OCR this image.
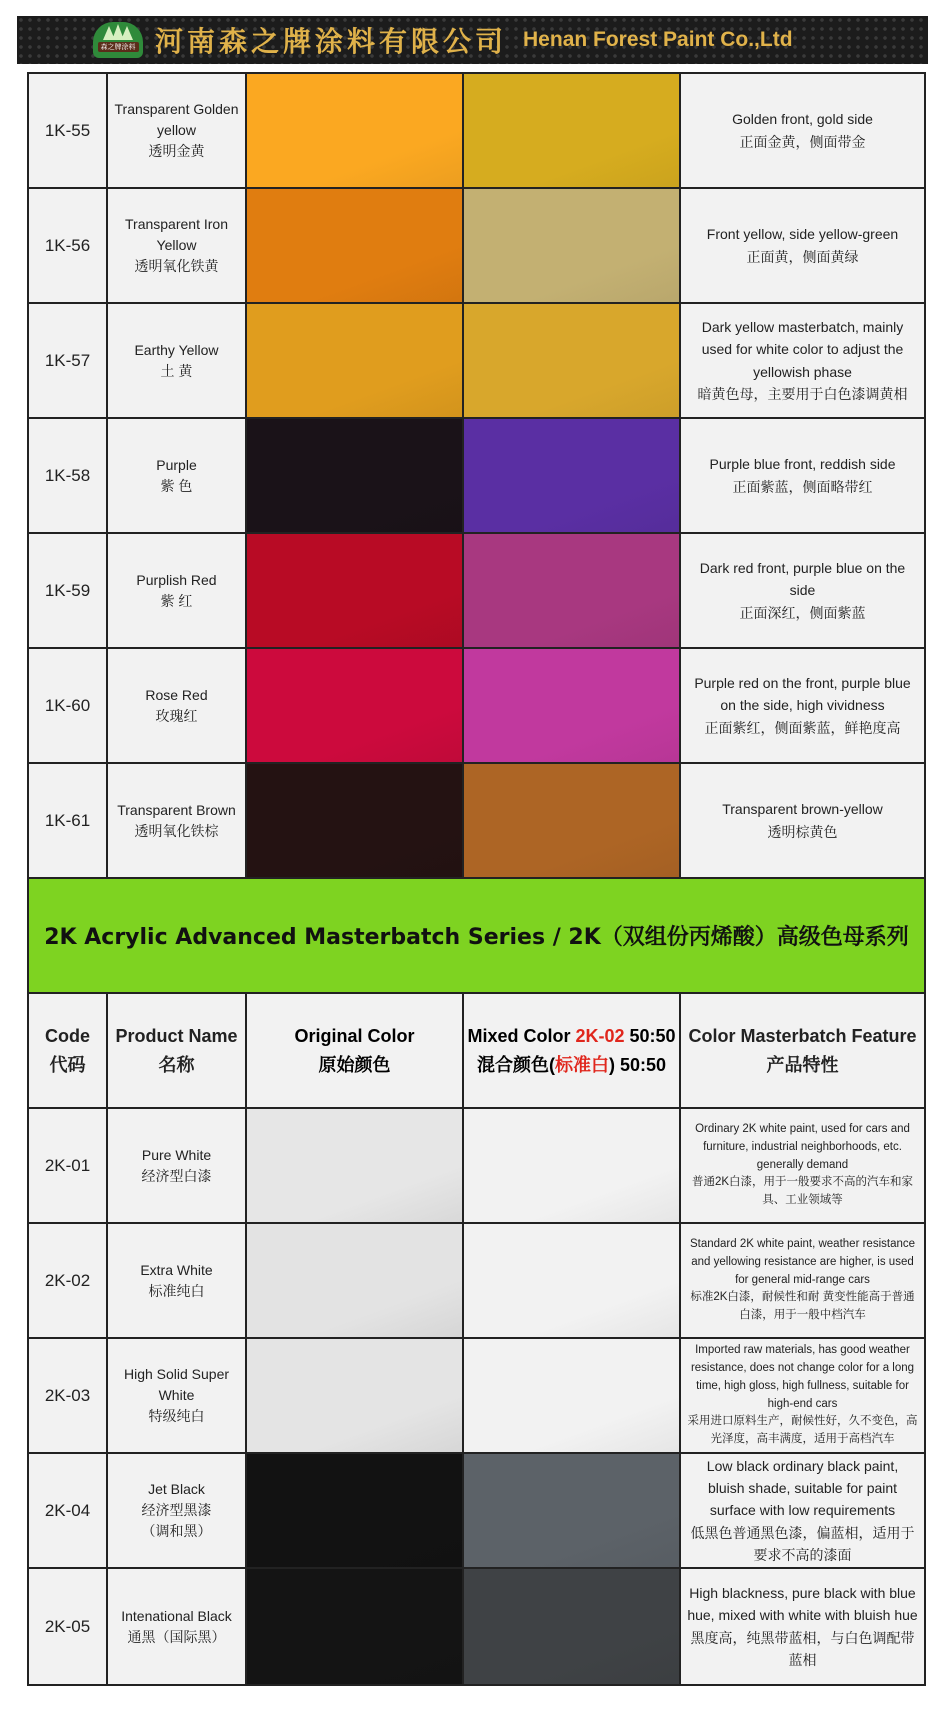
森之牌涂料 河南森之牌涂料有限公司 Henan Forest Paint Co.,Ltd
1K-55
Transparent Golden yellow
透明金黄
Golden front, gold side
正面金黄，侧面带金
1K-56
Transparent Iron Yellow
透明氧化铁黄
Front yellow, side yellow-green
正面黄，侧面黄绿
1K-57
Earthy Yellow
土 黄
Dark yellow masterbatch, mainly used for white color to adjust the yellowish phase
暗黄色母，主要用于白色漆调黄相
1K-58
Purple
紫 色
Purple blue front, reddish side
正面紫蓝，侧面略带红
1K-59
Purplish Red
紫 红
Dark red front, purple blue on the side
正面深红，侧面紫蓝
1K-60
Rose Red
玫瑰红
Purple red on the front, purple blue on the side, high vividness
正面紫红，侧面紫蓝，鲜艳度高
1K-61
Transparent Brown
透明氧化铁棕
Transparent brown-yellow
透明棕黄色
2K Acrylic Advanced Masterbatch Series / 2K（双组份丙烯酸）高级色母系列
Code
代码
Product Name
名称
Original Color
原始颜色
Mixed Color 2K-02 50:50
混合颜色(标准白) 50:50
Color Masterbatch Feature
产品特性
2K-01
Pure White
经济型白漆
Ordinary 2K white paint, used for cars and furniture, industrial neighborhoods, etc. generally demand
普通2K白漆，用于一般要求不高的汽车和家具、工业领域等
2K-02
Extra White
标准纯白
Standard 2K white paint, weather resistance and yellowing resistance are higher, is used for general mid-range cars
标准2K白漆，耐候性和耐 黄变性能高于普通白漆，用于一般中档汽车
2K-03
High Solid Super White
特级纯白
Imported raw materials, has good weather resistance, does not change color for a long time, high gloss, high fullness, suitable for high-end cars
采用进口原料生产，耐候性好，久不变色，高光泽度，高丰满度，适用于高档汽车
2K-04
Jet Black
经济型黑漆
（调和黑）
Low black ordinary black paint, bluish shade, suitable for paint surface with low requirements
低黑色普通黑色漆，偏蓝相，适用于要求不高的漆面
2K-05
Intenational Black
通黑（国际黑）
High blackness, pure black with blue hue, mixed with white with bluish hue
黑度高，纯黑带蓝相，与白色调配带蓝相
